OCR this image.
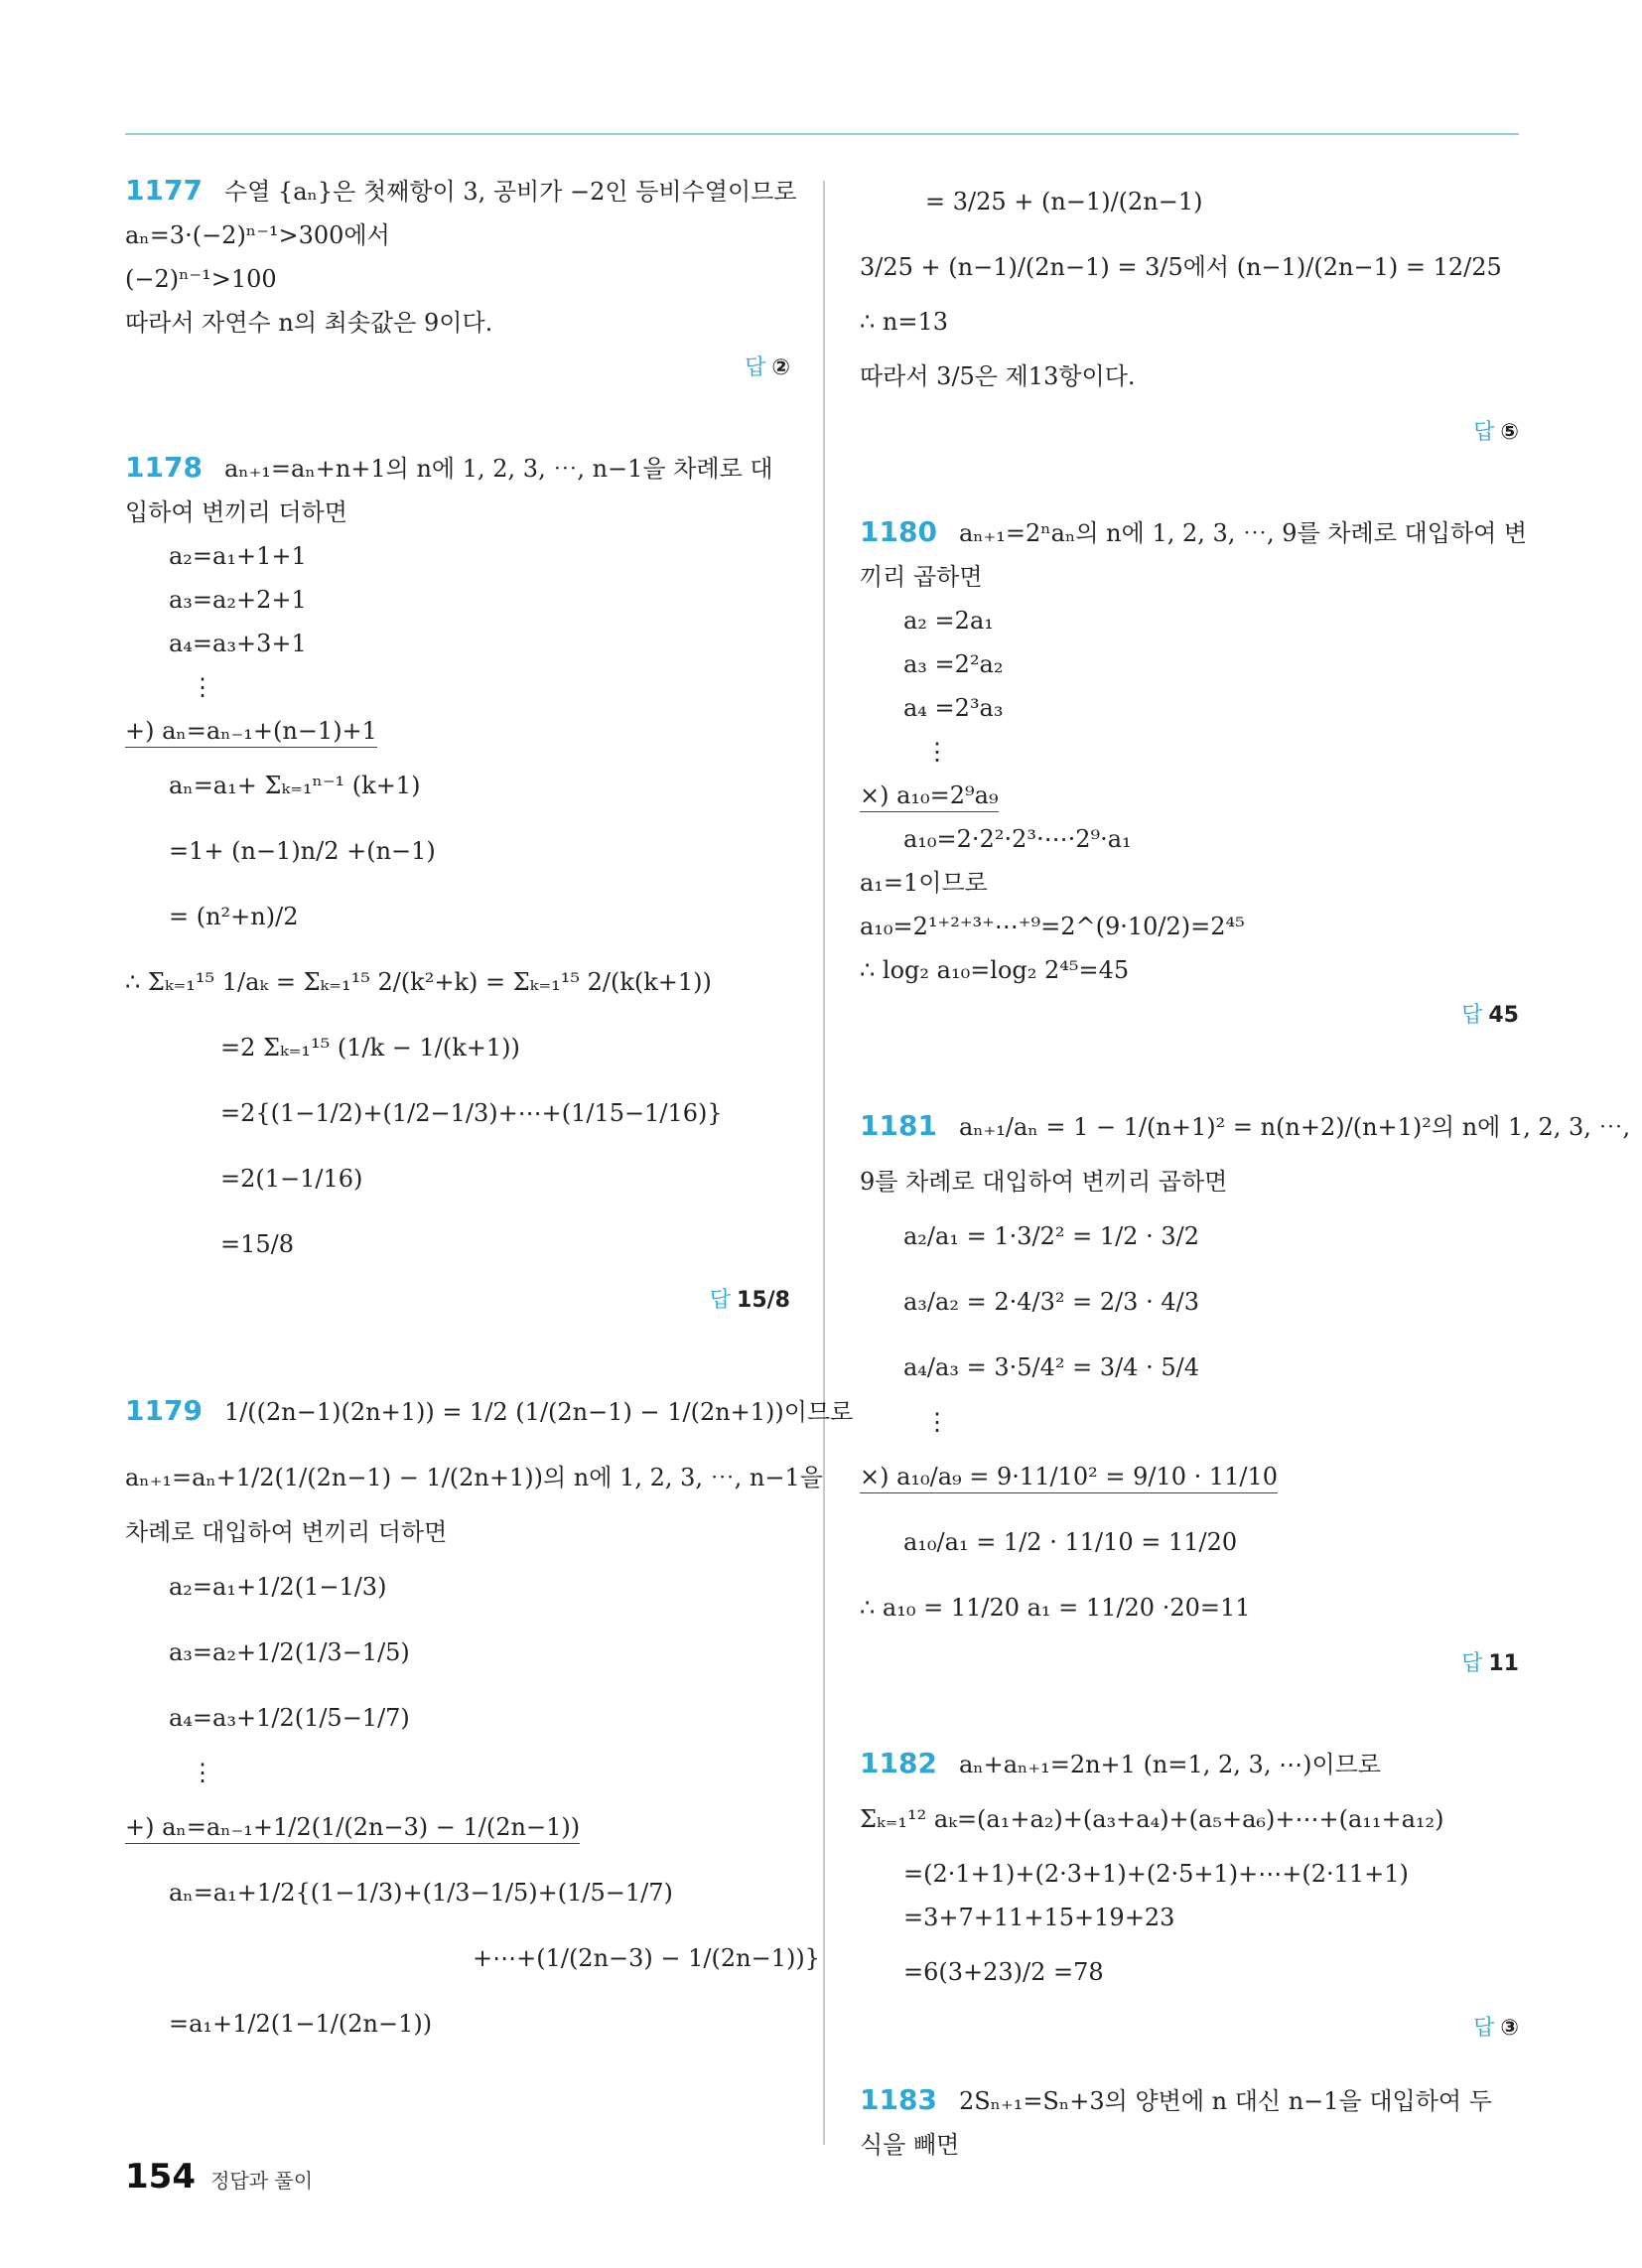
1177 수열 {aₙ}은 첫째항이 3, 공비가 −2인 등비수열이므로
aₙ=3·(−2)ⁿ⁻¹>300에서
(−2)ⁿ⁻¹>100
따라서 자연수 n의 최솟값은 9이다.
답 ②
1178 aₙ₊₁=aₙ+n+1의 n에 1, 2, 3, ⋯, n−1을 차례로 대
입하여 변끼리 더하면
a₂=a₁+1+1
a₃=a₂+2+1
a₄=a₃+3+1
⋮
+) aₙ=aₙ₋₁+(n−1)+1
aₙ=a₁+ Σₖ₌₁ⁿ⁻¹ (k+1)
=1+ (n−1)n/2 +(n−1)
= (n²+n)/2
∴ Σₖ₌₁¹⁵ 1/aₖ = Σₖ₌₁¹⁵ 2/(k²+k) = Σₖ₌₁¹⁵ 2/(k(k+1))
=2 Σₖ₌₁¹⁵ (1/k − 1/(k+1))
=2{(1−1/2)+(1/2−1/3)+⋯+(1/15−1/16)}
=2(1−1/16)
=15/8
답 15/8
1179 1/((2n−1)(2n+1)) = 1/2 (1/(2n−1) − 1/(2n+1))이므로
aₙ₊₁=aₙ+1/2(1/(2n−1) − 1/(2n+1))의 n에 1, 2, 3, ⋯, n−1을
차례로 대입하여 변끼리 더하면
a₂=a₁+1/2(1−1/3)
a₃=a₂+1/2(1/3−1/5)
a₄=a₃+1/2(1/5−1/7)
⋮
+) aₙ=aₙ₋₁+1/2(1/(2n−3) − 1/(2n−1))
aₙ=a₁+1/2{(1−1/3)+(1/3−1/5)+(1/5−1/7)
+⋯+(1/(2n−3) − 1/(2n−1))}
=a₁+1/2(1−1/(2n−1))
= 3/25 + (n−1)/(2n−1)
3/25 + (n−1)/(2n−1) = 3/5에서 (n−1)/(2n−1) = 12/25
∴ n=13
따라서 3/5은 제13항이다.
답 ⑤
1180 aₙ₊₁=2ⁿaₙ의 n에 1, 2, 3, ⋯, 9를 차례로 대입하여 변
끼리 곱하면
a₂ =2a₁
a₃ =2²a₂
a₄ =2³a₃
⋮
×) a₁₀=2⁹a₉
a₁₀=2·2²·2³·⋯·2⁹·a₁
a₁=1이므로
a₁₀=2¹⁺²⁺³⁺⋯⁺⁹=2^(9·10/2)=2⁴⁵
∴ log₂ a₁₀=log₂ 2⁴⁵=45
답 45
1181 aₙ₊₁/aₙ = 1 − 1/(n+1)² = n(n+2)/(n+1)²의 n에 1, 2, 3, ⋯,
9를 차례로 대입하여 변끼리 곱하면
a₂/a₁ = 1·3/2² = 1/2 · 3/2
a₃/a₂ = 2·4/3² = 2/3 · 4/3
a₄/a₃ = 3·5/4² = 3/4 · 5/4
⋮
×) a₁₀/a₉ = 9·11/10² = 9/10 · 11/10
a₁₀/a₁ = 1/2 · 11/10 = 11/20
∴ a₁₀ = 11/20 a₁ = 11/20 ·20=11
답 11
1182 aₙ+aₙ₊₁=2n+1 (n=1, 2, 3, ⋯)이므로
Σₖ₌₁¹² aₖ=(a₁+a₂)+(a₃+a₄)+(a₅+a₆)+⋯+(a₁₁+a₁₂)
=(2·1+1)+(2·3+1)+(2·5+1)+⋯+(2·11+1)
=3+7+11+15+19+23
=6(3+23)/2 =78
답 ③
1183 2Sₙ₊₁=Sₙ+3의 양변에 n 대신 n−1을 대입하여 두
식을 빼면
154 정답과 풀이
